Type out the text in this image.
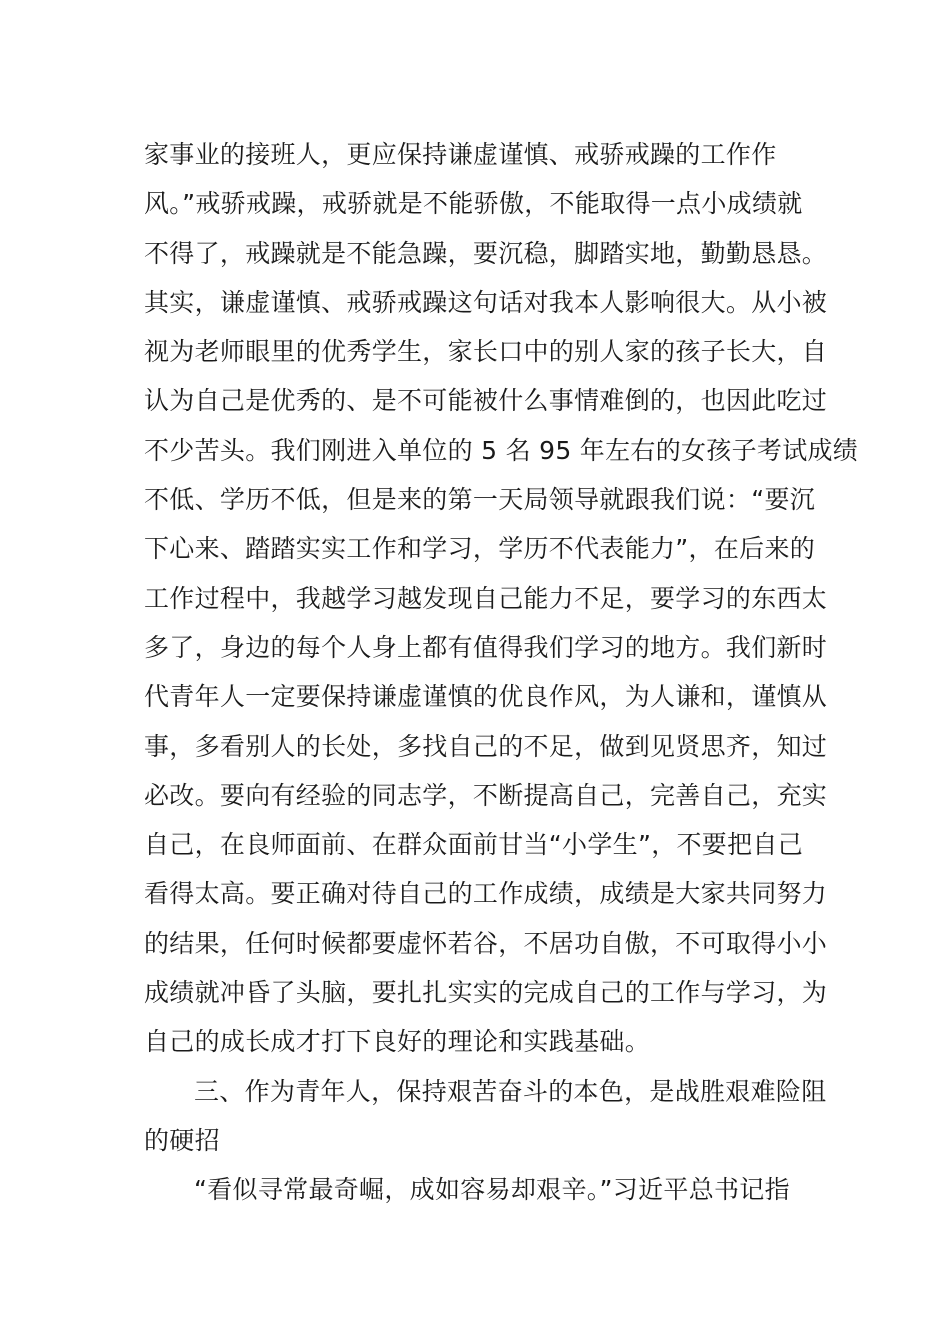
家事业的接班人，更应保持谦虚谨慎、戒骄戒躁的工作作
风。”戒骄戒躁，戒骄就是不能骄傲，不能取得一点小成绩就
不得了，戒躁就是不能急躁，要沉稳，脚踏实地，勤勤恳恳。
其实，谦虚谨慎、戒骄戒躁这句话对我本人影响很大。从小被
视为老师眼里的优秀学生，家长口中的别人家的孩子长大，自
认为自己是优秀的、是不可能被什么事情难倒的，也因此吃过
不少苦头。我们刚进入单位的 5 名 95 年左右的女孩子考试成绩
不低、学历不低，但是来的第一天局领导就跟我们说：“要沉
下心来、踏踏实实工作和学习，学历不代表能力”，在后来的
工作过程中，我越学习越发现自己能力不足，要学习的东西太
多了，身边的每个人身上都有值得我们学习的地方。我们新时
代青年人一定要保持谦虚谨慎的优良作风，为人谦和，谨慎从
事，多看别人的长处，多找自己的不足，做到见贤思齐，知过
必改。要向有经验的同志学，不断提高自己，完善自己，充实
自己，在良师面前、在群众面前甘当“小学生”，不要把自己
看得太高。要正确对待自己的工作成绩，成绩是大家共同努力
的结果，任何时候都要虚怀若谷，不居功自傲，不可取得小小
成绩就冲昏了头脑，要扎扎实实的完成自己的工作与学习，为
自己的成长成才打下良好的理论和实践基础。
三、作为青年人，保持艰苦奋斗的本色，是战胜艰难险阻
的硬招
“看似寻常最奇崛，成如容易却艰辛。”习近平总书记指
